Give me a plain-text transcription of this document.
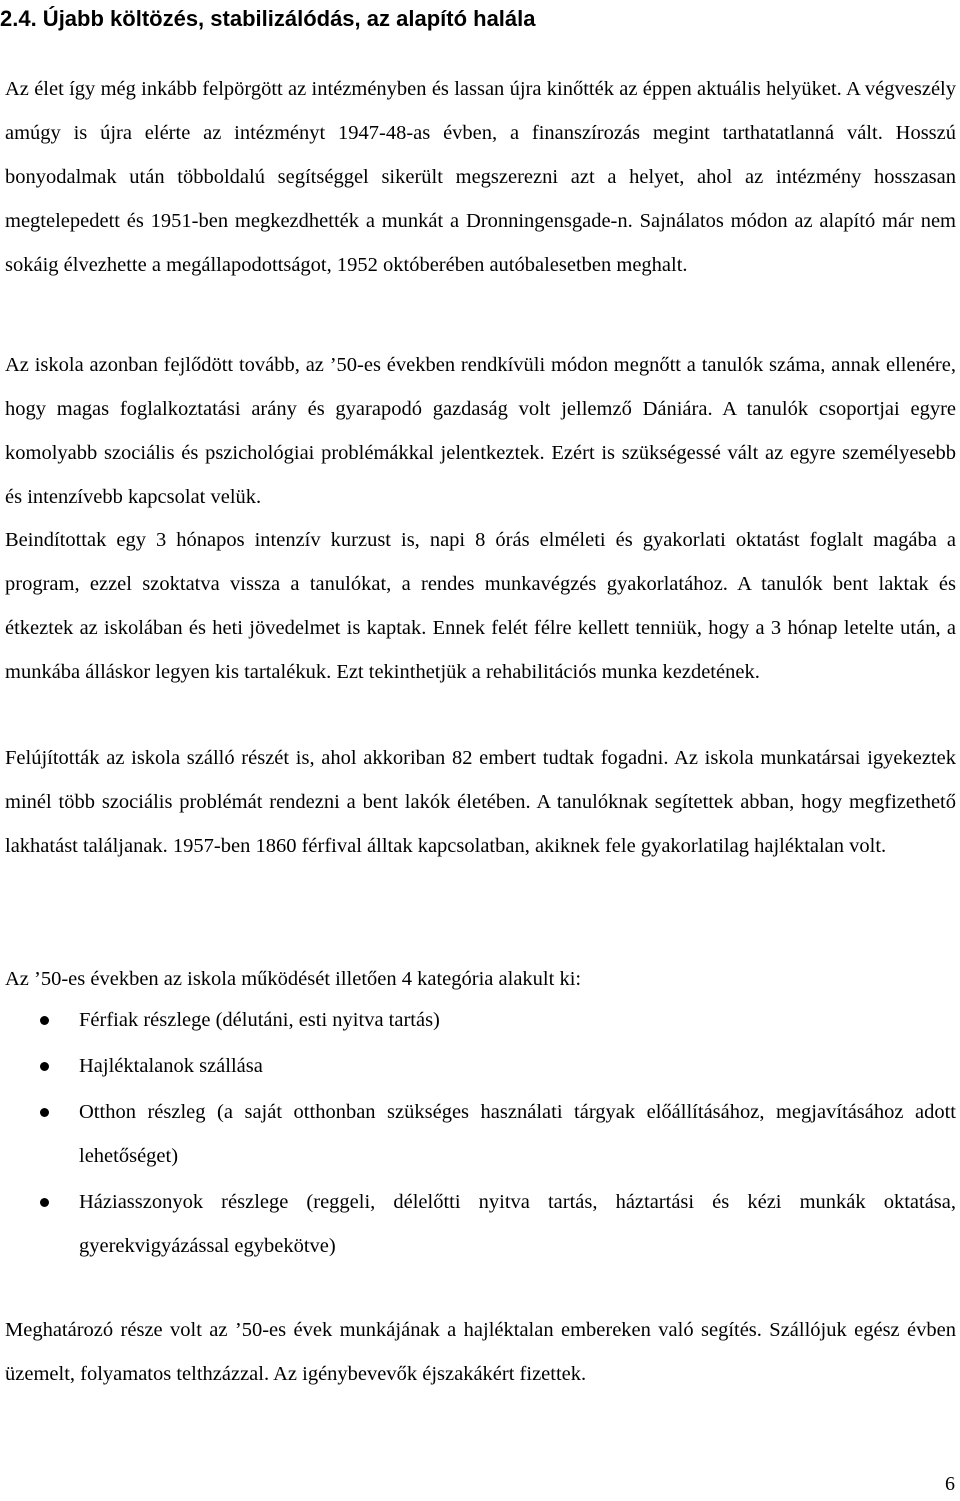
2.4. Újabb költözés, stabilizálódás, az alapító halála

Az élet így még inkább felpörgött az intézményben és lassan újra kinőtték az éppen aktuális helyüket. A végveszély amúgy is újra elérte az intézményt 1947-48-as évben, a finanszírozás megint tarthatatlanná vált. Hosszú bonyodalmak után többoldalú segítséggel sikerült megszerezni azt a helyet, ahol az intézmény hosszasan megtelepedett és 1951-ben megkezdhették a munkát a Dronningensgade-n. Sajnálatos módon az alapító már nem sokáig élvezhette a megállapodottságot, 1952 októberében autóbalesetben meghalt.

Az iskola azonban fejlődött tovább, az ’50-es években rendkívüli módon megnőtt a tanulók száma, annak ellenére, hogy magas foglalkoztatási arány és gyarapodó gazdaság volt jellemző Dániára. A tanulók csoportjai egyre komolyabb szociális és pszichológiai problémákkal jelentkeztek. Ezért is szükségessé vált az egyre személyesebb és intenzívebb kapcsolat velük.

Beindítottak egy 3 hónapos intenzív kurzust is, napi 8 órás elméleti és gyakorlati oktatást foglalt magába a program, ezzel szoktatva vissza a tanulókat, a rendes munkavégzés gyakorlatához. A tanulók bent laktak és étkeztek az iskolában és heti jövedelmet is kaptak. Ennek felét félre kellett tenniük, hogy a 3 hónap letelte után, a munkába álláskor legyen kis tartalékuk. Ezt tekinthetjük a rehabilitációs munka kezdetének.

Felújították az iskola szálló részét is, ahol akkoriban 82 embert tudtak fogadni. Az iskola munkatársai igyekeztek minél több szociális problémát rendezni a bent lakók életében. A tanulóknak segítettek abban, hogy megfizethető lakhatást találjanak. 1957-ben 1860 férfival álltak kapcsolatban, akiknek fele gyakorlatilag hajléktalan volt.

Az ’50-es években az iskola működését illetően 4 kategória alakult ki:

Férfiak részlege (délutáni, esti nyitva tartás)
Hajléktalanok szállása
Otthon részleg (a saját otthonban szükséges használati tárgyak előállításához, megjavításához adott lehetőséget)
Háziasszonyok részlege (reggeli, délelőtti nyitva tartás, háztartási és kézi munkák oktatása, gyerekvigyázással egybekötve)

Meghatározó része volt az ’50-es évek munkájának a hajléktalan embereken való segítés. Szállójuk egész évben üzemelt, folyamatos telthzázzal. Az igénybevevők éjszakákért fizettek.

6
